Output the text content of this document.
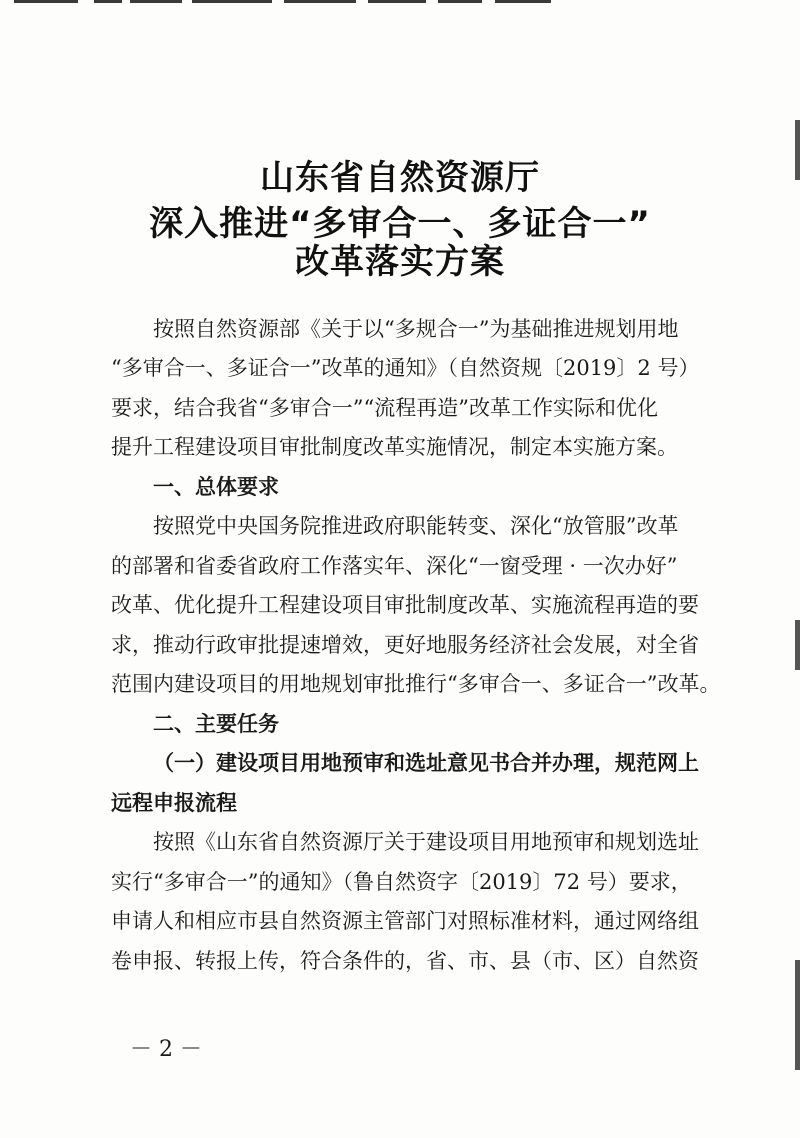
山东省自然资源厅
深入推进“多审合一、多证合一”
改革落实方案
按照自然资源部《关于以“多规合一”为基础推进规划用地
“多审合一、多证合一”改革的通知》（自然资规〔2019〕2 号）
要求，结合我省“多审合一”“流程再造”改革工作实际和优化
提升工程建设项目审批制度改革实施情况，制定本实施方案。
一、总体要求
按照党中央国务院推进政府职能转变、深化“放管服”改革
的部署和省委省政府工作落实年、深化“一窗受理 · 一次办好”
改革、优化提升工程建设项目审批制度改革、实施流程再造的要
求，推动行政审批提速增效，更好地服务经济社会发展，对全省
范围内建设项目的用地规划审批推行“多审合一、多证合一”改革。
二、主要任务
（一）建设项目用地预审和选址意见书合并办理，规范网上
远程申报流程
按照《山东省自然资源厅关于建设项目用地预审和规划选址
实行“多审合一”的通知》（鲁自然资字〔2019〕72 号）要求，
申请人和相应市县自然资源主管部门对照标准材料，通过网络组
卷申报、转报上传，符合条件的，省、市、县（市、区）自然资
－ 2 －
